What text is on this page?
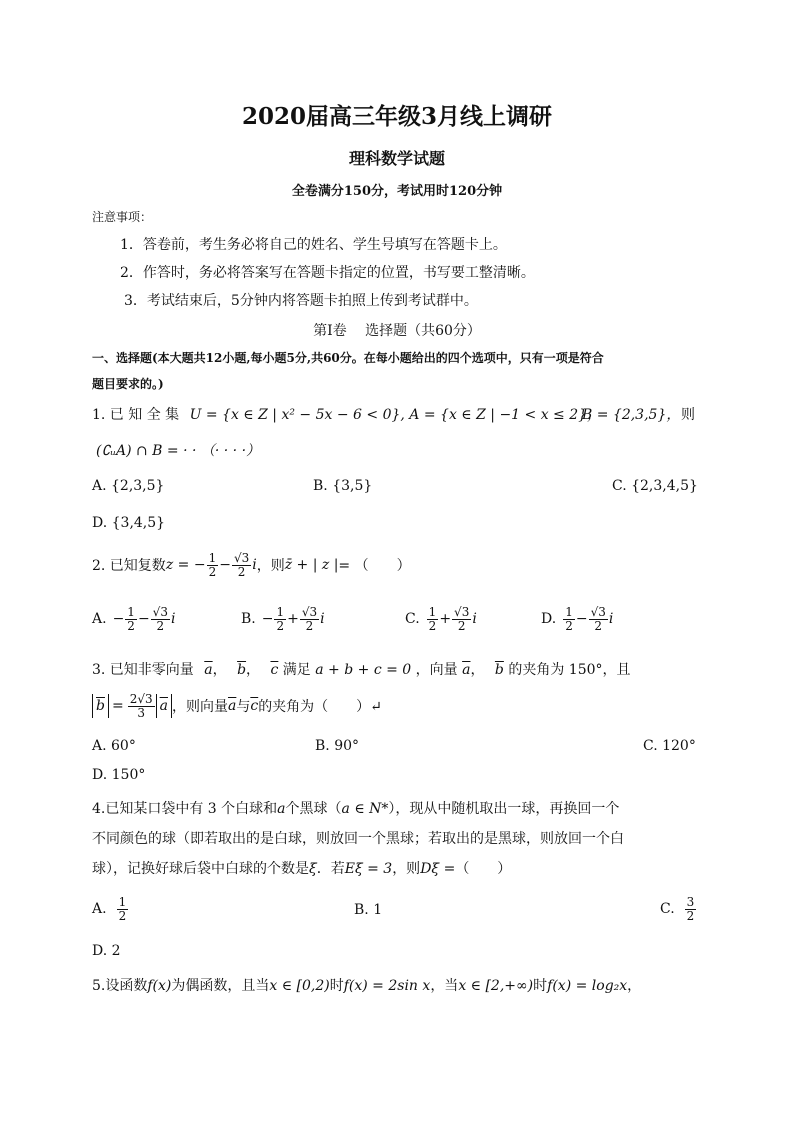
2020届高三年级3月线上调研
理科数学试题
全卷满分150分，考试用时120分钟
注意事项：
1．答卷前，考生务必将自己的姓名、学生号填写在答题卡上。
2．作答时，务必将答案写在答题卡指定的位置，书写要工整清晰。
3．考试结束后，5分钟内将答题卡拍照上传到考试群中。
第Ⅰ卷　 选择题（共60分）
一、选择题(本大题共12小题,每小题5分,共60分。在每小题给出的四个选项中，只有一项是符合
题目要求的。)
1. 已 知 全 集 U = {x ∈ Z | x² − 5x − 6 < 0}, A = {x ∈ Z | −1 < x ≤ 2}，
B = {2,3,5}， 则
(∁ᵤA) ∩ B = · · （· · · ·）
A. {2,3,5}	B. {3,5}	C. {2,3,4,5}
D. {3,4,5}
2. 已知复数 z = − $\frac{1}{2} - \frac{√3}{2}$ i ，则 z̄ + | z | = （　　）
A. − $\frac{1}{2} - \frac{√3}{2}$ i	B. − $\frac{1}{2} + \frac{√3}{2}$ i	C. $\frac{1}{2} + \frac{√3}{2}$ i	D. $\frac{1}{2} - \frac{√3}{2}$ i
3. 已知非零向量 $\overline{a}$， $\overline{b}$， $\overline{c}$ 满足 a + b + c = 0 ，向量 $\overline{a}$， $\overline{b}$ 的夹角为 150°，且
$\overline{b} = \frac{2√3}{3} \overline{a}$ ，则向量 $\overline{a}$ 与 $\overline{c}$ 的夹角为（　　）↵
A. 60°	B. 90°	C. 120°
D. 150°
4.已知某口袋中有 3 个白球和a个黑球（a ∈ N*），现从中随机取出一球，再换回一个
不同颜色的球（即若取出的是白球，则放回一个黑球；若取出的是黑球，则放回一个白
球），记换好球后袋中白球的个数是ξ．若Eξ = 3，则Dξ =（　　）
A. $\frac{1}{2}$	B. 1	C. $\frac{3}{2}$
D. 2
5.设函数f(x)为偶函数，且当x ∈ [0,2)时f(x) = 2sin x，当x ∈ [2,+∞)时f(x) = log₂x，
